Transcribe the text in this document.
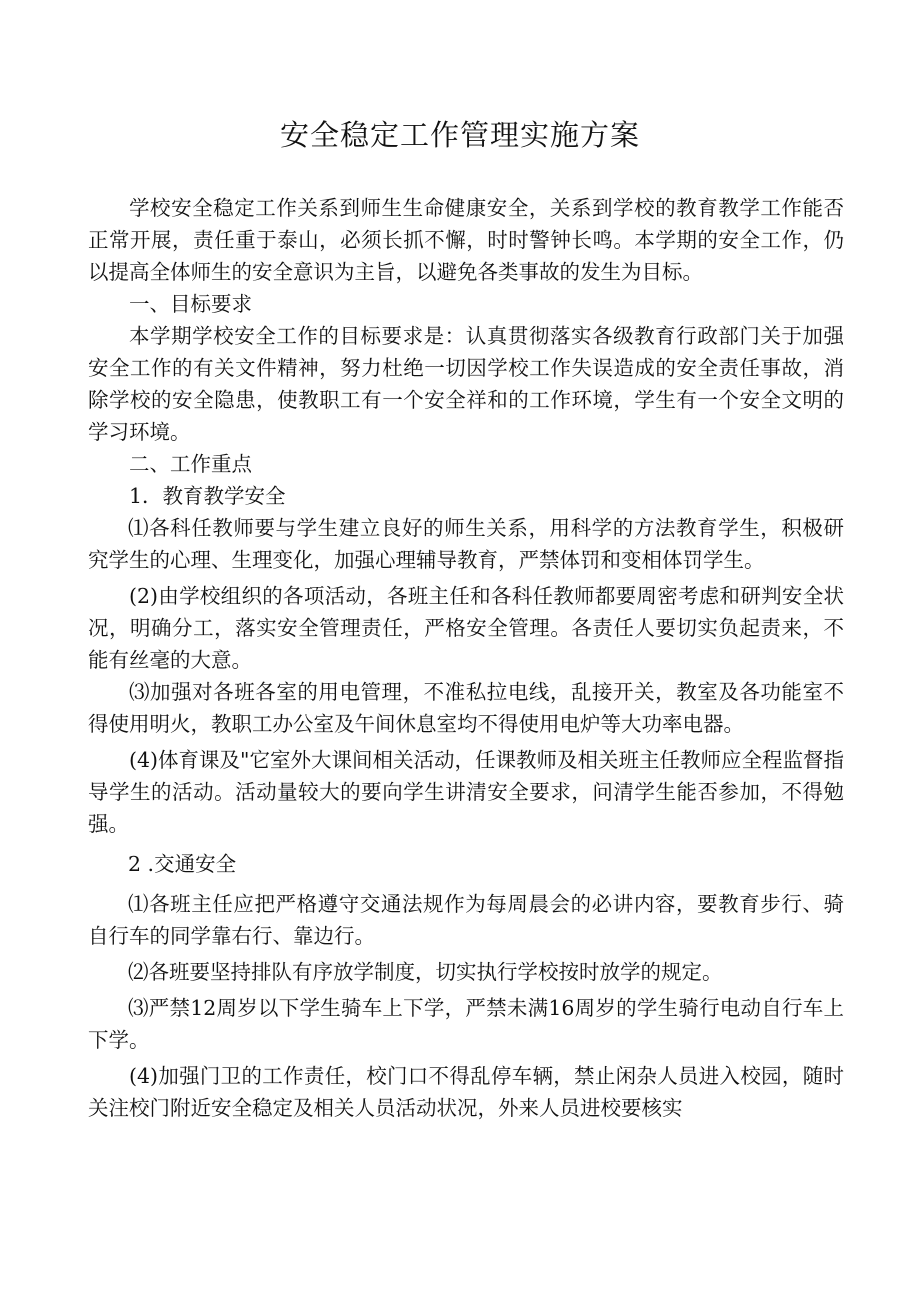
安全稳定工作管理实施方案

学校安全稳定工作关系到师生生命健康安全，关系到学校的教育教学工作能否正常开展，责任重于泰山，必须长抓不懈，时时警钟长鸣。本学期的安全工作，仍以提高全体师生的安全意识为主旨，以避免各类事故的发生为目标。

一、目标要求

本学期学校安全工作的目标要求是：认真贯彻落实各级教育行政部门关于加强安全工作的有关文件精神，努力杜绝一切因学校工作失误造成的安全责任事故，消除学校的安全隐患，使教职工有一个安全祥和的工作环境，学生有一个安全文明的学习环境。

二、工作重点

1．教育教学安全

⑴各科任教师要与学生建立良好的师生关系，用科学的方法教育学生，积极研究学生的心理、生理变化，加强心理辅导教育，严禁体罚和变相体罚学生。

(2)由学校组织的各项活动，各班主任和各科任教师都要周密考虑和研判安全状况，明确分工，落实安全管理责任，严格安全管理。各责任人要切实负起责来，不能有丝毫的大意。

⑶加强对各班各室的用电管理，不准私拉电线，乱接开关，教室及各功能室不得使用明火，教职工办公室及午间休息室均不得使用电炉等大功率电器。

(4)体育课及"它室外大课间相关活动，任课教师及相关班主任教师应全程监督指导学生的活动。活动量较大的要向学生讲清安全要求，问清学生能否参加，不得勉强。

2 .交通安全

⑴各班主任应把严格遵守交通法规作为每周晨会的必讲内容，要教育步行、骑自行车的同学靠右行、靠边行。

⑵各班要坚持排队有序放学制度，切实执行学校按时放学的规定。

⑶严禁12周岁以下学生骑车上下学，严禁未满16周岁的学生骑行电动自行车上下学。

(4)加强门卫的工作责任，校门口不得乱停车辆，禁止闲杂人员进入校园，随时关注校门附近安全稳定及相关人员活动状况，外来人员进校要核实
